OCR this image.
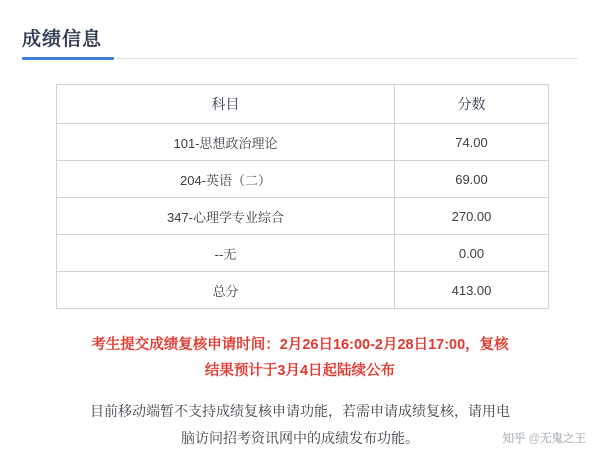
成绩信息
科目	分数
101-思想政治理论	74.00
204-英语（二）	69.00
347-心理学专业综合	270.00
--无	0.00
总分	413.00
考生提交成绩复核申请时间：2月26日16:00-2月28日17:00，复核
结果预计于3月4日起陆续公布
目前移动端暂不支持成绩复核申请功能，若需申请成绩复核，请用电
脑访问招考资讯网中的成绩发布功能。	知乎 @无鬼之王
